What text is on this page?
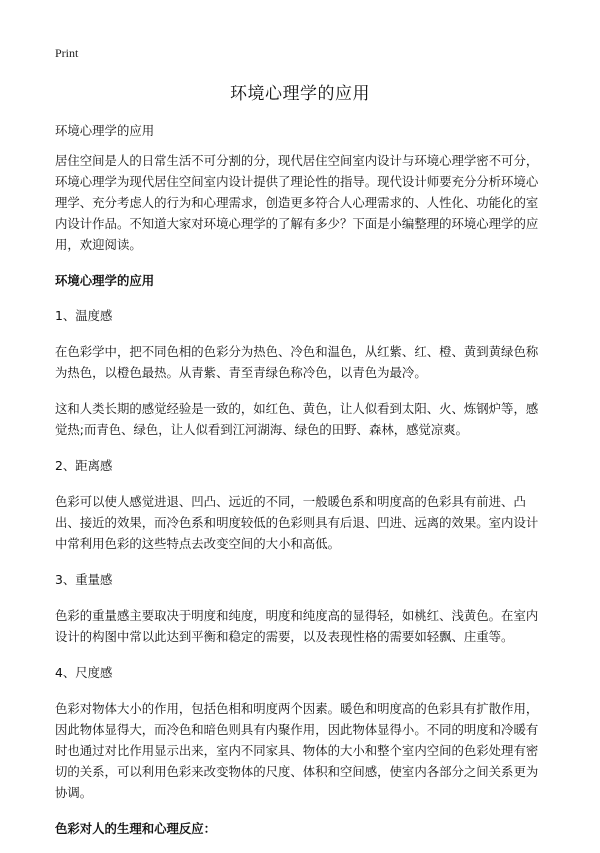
Print
环境心理学的应用

环境心理学的应用

居住空间是人的日常生活不可分割的分，现代居住空间室内设计与环境心理学密不可分，环境心理学为现代居住空间室内设计提供了理论性的指导。现代设计师要充分分析环境心理学、充分考虑人的行为和心理需求，创造更多符合人心理需求的、人性化、功能化的室内设计作品。不知道大家对环境心理学的了解有多少？下面是小编整理的环境心理学的应用，欢迎阅读。

环境心理学的应用

1、温度感

在色彩学中，把不同色相的色彩分为热色、冷色和温色，从红紫、红、橙、黄到黄绿色称为热色，以橙色最热。从青紫、青至青绿色称冷色，以青色为最冷。

这和人类长期的感觉经验是一致的，如红色、黄色，让人似看到太阳、火、炼钢炉等，感觉热;而青色、绿色，让人似看到江河湖海、绿色的田野、森林，感觉凉爽。

2、距离感

色彩可以使人感觉进退、凹凸、远近的不同，一般暖色系和明度高的色彩具有前进、凸出、接近的效果，而冷色系和明度较低的色彩则具有后退、凹进、远离的效果。室内设计中常利用色彩的这些特点去改变空间的大小和高低。

3、重量感

色彩的重量感主要取决于明度和纯度，明度和纯度高的显得轻，如桃红、浅黄色。在室内设计的构图中常以此达到平衡和稳定的需要，以及表现性格的需要如轻飘、庄重等。

4、尺度感

色彩对物体大小的作用，包括色相和明度两个因素。暖色和明度高的色彩具有扩散作用，因此物体显得大，而冷色和暗色则具有内聚作用，因此物体显得小。不同的明度和冷暖有时也通过对比作用显示出来，室内不同家具、物体的大小和整个室内空间的色彩处理有密切的关系，可以利用色彩来改变物体的尺度、体积和空间感，使室内各部分之间关系更为协调。

色彩对人的生理和心理反应：
